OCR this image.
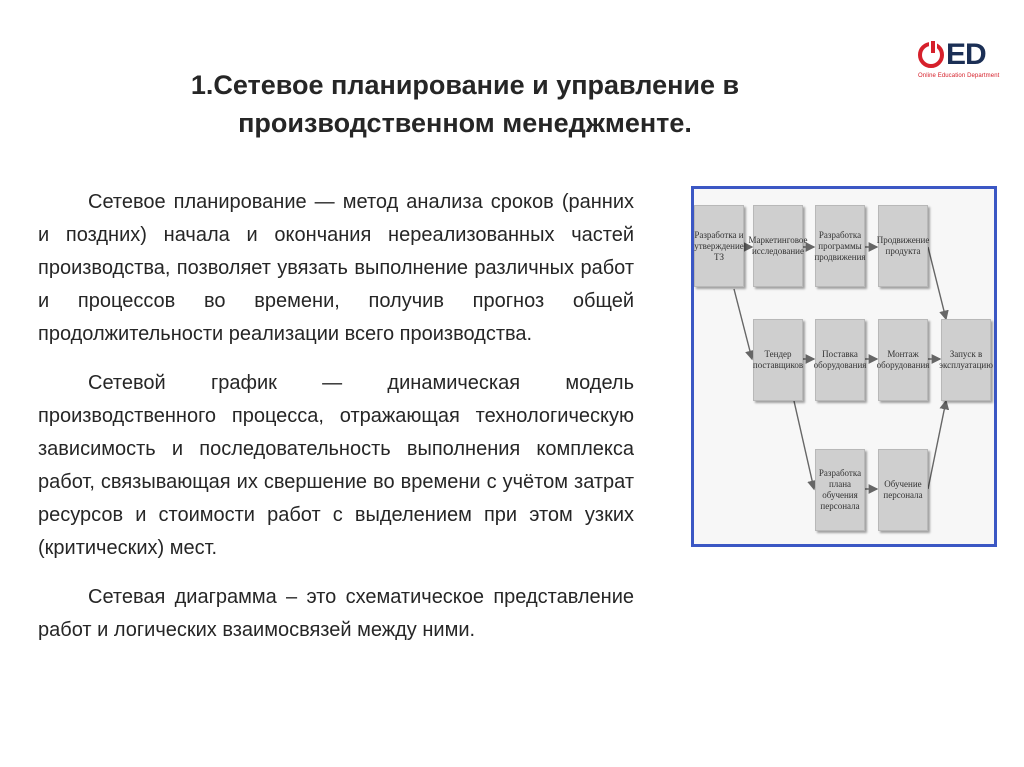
ED
Online Education Department
1.Сетевое планирование и управление в
производственном менеджменте.

Сетевое планирование — метод анализа сроков (ранних и поздних) начала и окончания нереализованных частей производства, позволяет увязать выполнение различных работ и процессов во времени, получив прогноз общей продолжительности реализации всего производства.

Сетевой график — динамическая модель производственного процесса, отражающая технологическую зависимость и последовательность выполнения комплекса работ, связывающая их свершение во времени с учётом затрат ресурсов и стоимости работ с выделением при этом узких (критических) мест.

Сетевая диаграмма – это схематическое представление работ и логических взаимосвязей между ними.

Разработка и утверждение ТЗ
Маркетинговое исследование
Разработка программы продвижения
Продвижение продукта
Тендер поставщиков
Поставка оборудования
Монтаж оборудования
Запуск в эксплуатацию
Разработка плана обучения персонала
Обучение персонала
